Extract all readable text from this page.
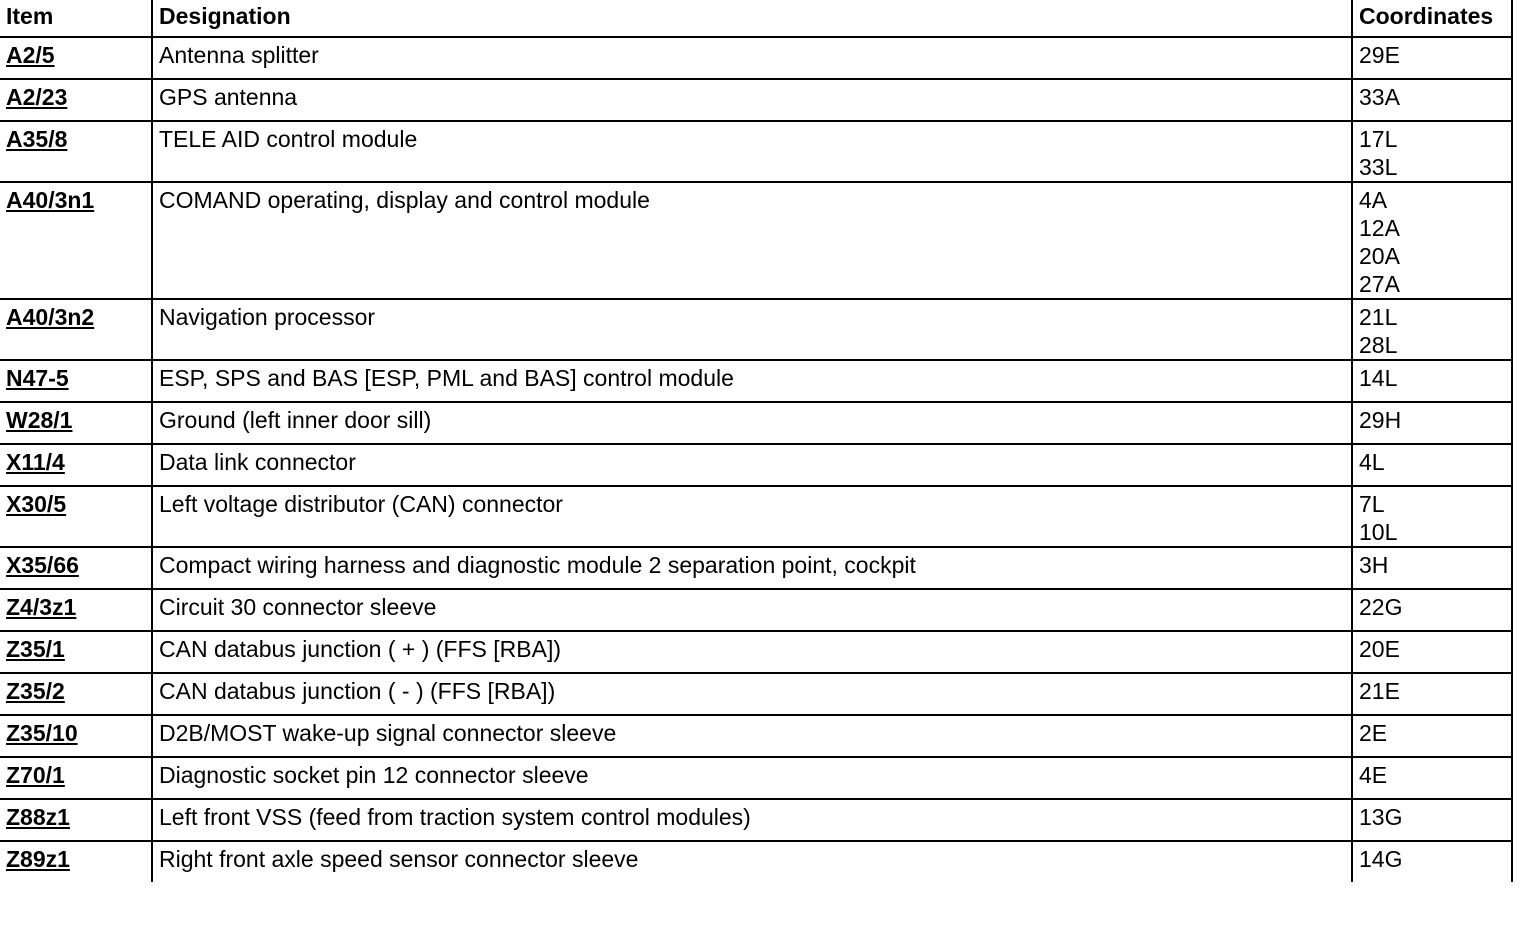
Item	Designation	Coordinates
A2/5	Antenna splitter	29E

A2/23	GPS antenna	33A

A35/8	TELE AID control module	17L
33L

A40/3n1	COMAND operating, display and control module	4A
12A
20A
27A

A40/3n2	Navigation processor	21L
28L

N47-5	ESP, SPS and BAS [ESP, PML and BAS] control module	14L

W28/1	Ground (left inner door sill)	29H

X11/4	Data link connector	4L

X30/5	Left voltage distributor (CAN) connector	7L
10L

X35/66	Compact wiring harness and diagnostic module 2 separation point, cockpit	3H

Z4/3z1	Circuit 30 connector sleeve	22G

Z35/1	CAN databus junction ( + ) (FFS [RBA])	20E

Z35/2	CAN databus junction ( - ) (FFS [RBA])	21E

Z35/10	D2B/MOST wake-up signal connector sleeve	2E

Z70/1	Diagnostic socket pin 12 connector sleeve	4E

Z88z1	Left front VSS (feed from traction system control modules)	13G

Z89z1	Right front axle speed sensor connector sleeve	14G
